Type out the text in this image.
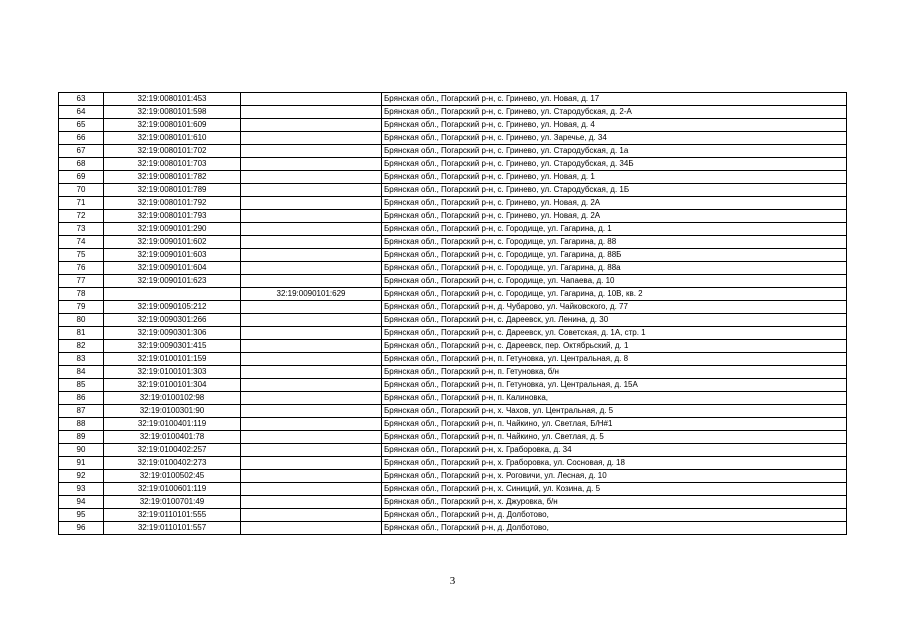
63	32:19:0080101:453		Брянская обл., Погарский р-н, с. Гринево, ул. Новая, д. 17
64	32:19:0080101:598		Брянская обл., Погарский р-н, с. Гринево, ул. Стародубская, д. 2-А
65	32:19:0080101:609		Брянская обл., Погарский р-н, с. Гринево, ул. Новая, д. 4
66	32:19:0080101:610		Брянская обл., Погарский р-н, с. Гринево, ул. Заречье, д. 34
67	32:19:0080101:702		Брянская обл., Погарский р-н, с. Гринево, ул. Стародубская, д. 1а
68	32:19:0080101:703		Брянская обл., Погарский р-н, с. Гринево, ул. Стародубская, д. 34Б
69	32:19:0080101:782		Брянская обл., Погарский р-н, с. Гринево, ул. Новая, д. 1
70	32:19:0080101:789		Брянская обл., Погарский р-н, с. Гринево, ул. Стародубская, д. 1Б
71	32:19:0080101:792		Брянская обл., Погарский р-н, с. Гринево, ул. Новая, д. 2А
72	32:19:0080101:793		Брянская обл., Погарский р-н, с. Гринево, ул. Новая, д. 2А
73	32:19:0090101:290		Брянская обл., Погарский р-н, с. Городище, ул. Гагарина, д. 1
74	32:19:0090101:602		Брянская обл., Погарский р-н, с. Городище, ул. Гагарина, д. 88
75	32:19:0090101:603		Брянская обл., Погарский р-н, с. Городище, ул. Гагарина, д. 88Б
76	32:19:0090101:604		Брянская обл., Погарский р-н, с. Городище, ул. Гагарина, д. 88а
77	32:19:0090101:623		Брянская обл., Погарский р-н, с. Городище, ул. Чапаева, д. 10
78		32:19:0090101:629	Брянская обл., Погарский р-н, с. Городище, ул. Гагарина, д. 10В, кв. 2
79	32:19:0090105:212		Брянская обл., Погарский р-н, д. Чубарово, ул. Чайковского, д. 77
80	32:19:0090301:266		Брянская обл., Погарский р-н, с. Дареевск, ул. Ленина, д. 30
81	32:19:0090301:306		Брянская обл., Погарский р-н, с. Дареевск, ул. Советская, д. 1А, стр. 1
82	32:19:0090301:415		Брянская обл., Погарский р-н, с. Дареевск, пер. Октябрьский, д. 1
83	32:19:0100101:159		Брянская обл., Погарский р-н, п. Гетуновка, ул. Центральная, д. 8
84	32:19:0100101:303		Брянская обл., Погарский р-н, п. Гетуновка, б/н
85	32:19:0100101:304		Брянская обл., Погарский р-н, п. Гетуновка, ул. Центральная, д. 15А
86	32:19:0100102:98		Брянская обл., Погарский р-н, п. Калиновка,
87	32:19:0100301:90		Брянская обл., Погарский р-н, х. Чахов, ул. Центральная, д. 5
88	32:19:0100401:119		Брянская обл., Погарский р-н, п. Чайкино, ул. Светлая, Б/Н#1
89	32:19:0100401:78		Брянская обл., Погарский р-н, п. Чайкино, ул. Светлая, д. 5
90	32:19:0100402:257		Брянская обл., Погарский р-н, х. Граборовка, д. 34
91	32:19:0100402:273		Брянская обл., Погарский р-н, х. Граборовка, ул. Сосновая, д. 18
92	32:19:0100502:45		Брянская обл., Погарский р-н, х. Роговичи, ул. Лесная, д. 10
93	32:19:0100601:119		Брянская обл., Погарский р-н, х. Синиций, ул. Козина, д. 5
94	32:19:0100701:49		Брянская обл., Погарский р-н, х. Джуровка, б/н
95	32:19:0110101:555		Брянская обл., Погарский р-н, д. Долботово,
96	32:19:0110101:557		Брянская обл., Погарский р-н, д. Долботово,
3
